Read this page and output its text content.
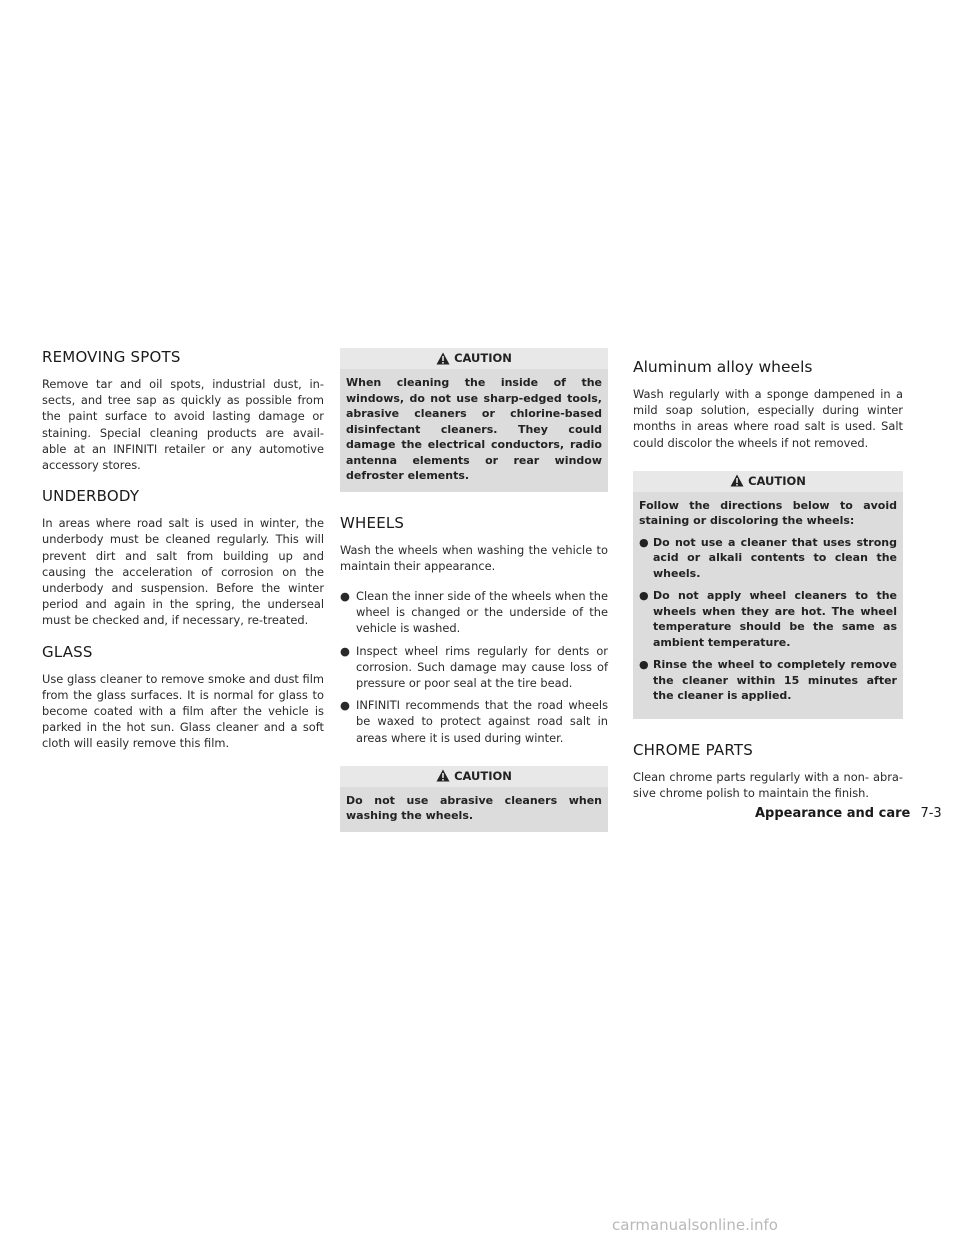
REMOVING SPOTS

Remove tar and oil spots, industrial dust, in- sects, and tree sap as quickly as possible from the paint surface to avoid lasting damage or staining. Special cleaning products are avail- able at an INFINITI retailer or any automotive accessory stores.

UNDERBODY

In areas where road salt is used in winter, the underbody must be cleaned regularly. This will prevent dirt and salt from building up and causing the acceleration of corrosion on the underbody and suspension. Before the winter period and again in the spring, the underseal must be checked and, if necessary, re-treated.

GLASS

Use glass cleaner to remove smoke and dust film from the glass surfaces. It is normal for glass to become coated with a film after the vehicle is parked in the hot sun. Glass cleaner and a soft cloth will easily remove this film.

CAUTION
When cleaning the inside of the windows, do not use sharp-edged tools, abrasive cleaners or chlorine-based disinfectant cleaners. They could damage the electrical conductors, radio antenna elements or rear window defroster elements.
WHEELS

Wash the wheels when washing the vehicle to maintain their appearance.

● Clean the inner side of the wheels when the wheel is changed or the underside of the vehicle is washed.
● Inspect wheel rims regularly for dents or corrosion. Such damage may cause loss of pressure or poor seal at the tire bead.
● INFINITI recommends that the road wheels be waxed to protect against road salt in areas where it is used during winter.
CAUTION
Do not use abrasive cleaners when washing the wheels.
Aluminum alloy wheels

Wash regularly with a sponge dampened in a mild soap solution, especially during winter months in areas where road salt is used. Salt could discolor the wheels if not removed.

CAUTION

Follow the directions below to avoid staining or discoloring the wheels:

● Do not use a cleaner that uses strong acid or alkali contents to clean the wheels.
● Do not apply wheel cleaners to the wheels when they are hot. The wheel temperature should be the same as ambient temperature.
● Rinse the wheel to completely remove the cleaner within 15 minutes after the cleaner is applied.
CHROME PARTS

Clean chrome parts regularly with a non- abra- sive chrome polish to maintain the finish.

Appearance and care 7-3
carmanualsonline.info
